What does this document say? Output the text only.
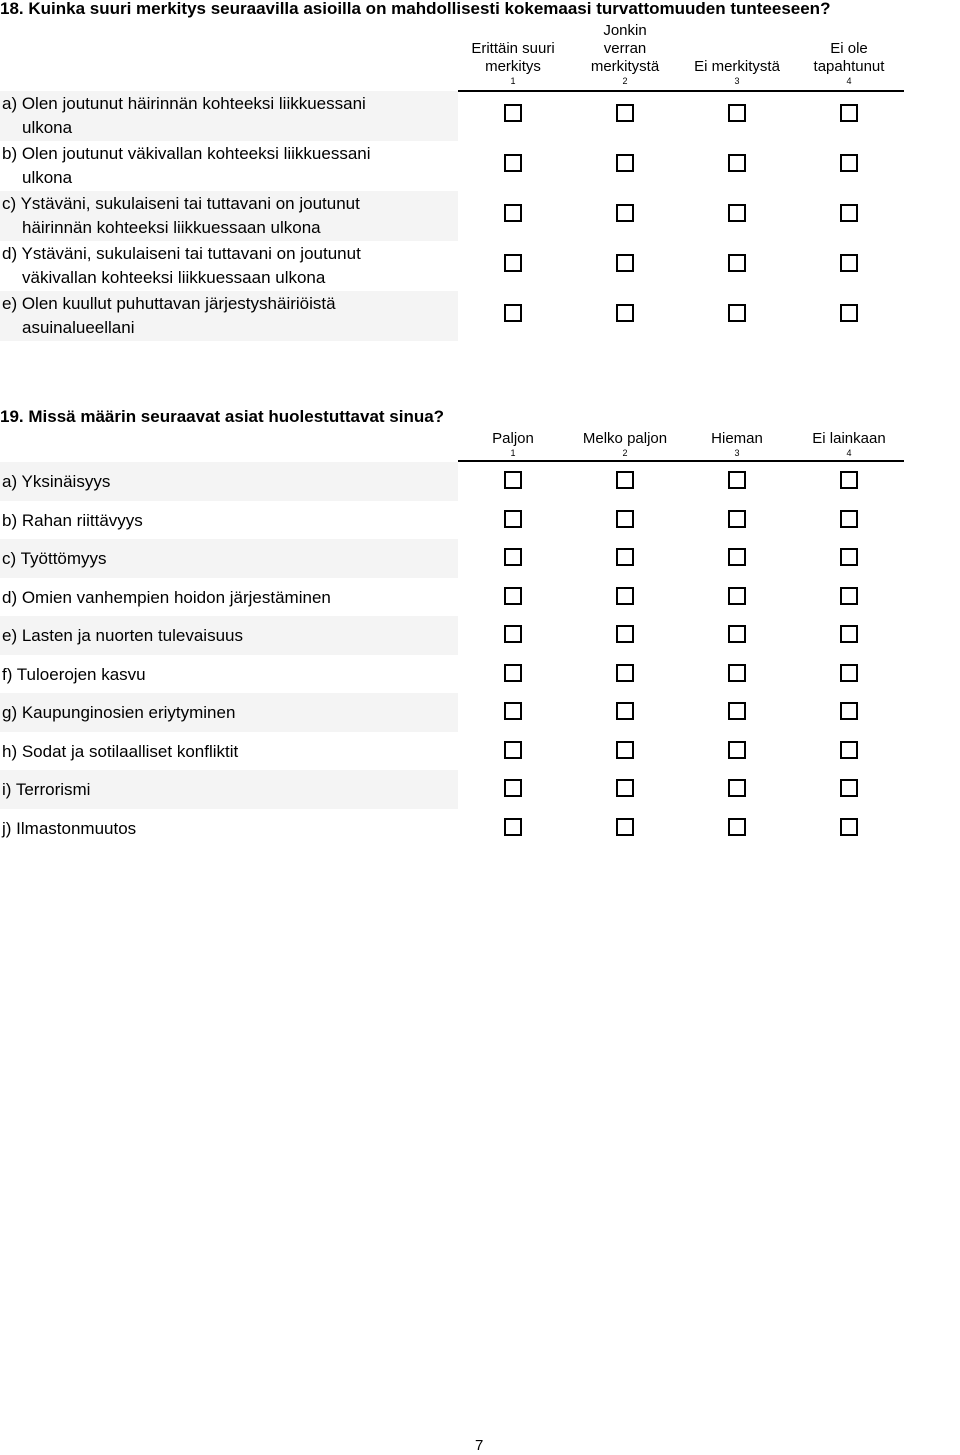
18. Kuinka suuri merkitys seuraavilla asioilla on mahdollisesti kokemaasi turvattomuuden tunteeseen?
Erittäin suuri
merkitys
1
Jonkin
verran
merkitystä
2
Ei merkitystä
3
Ei ole
tapahtunut
4
a) Olen joutunut häirinnän kohteeksi liikkuessani
ulkona
b) Olen joutunut väkivallan kohteeksi liikkuessani
ulkona
c) Ystäväni, sukulaiseni tai tuttavani on joutunut
häirinnän kohteeksi liikkuessaan ulkona
d) Ystäväni, sukulaiseni tai tuttavani on joutunut
väkivallan kohteeksi liikkuessaan ulkona
e) Olen kuullut puhuttavan järjestyshäiriöistä
asuinalueellani
19. Missä määrin seuraavat asiat huolestuttavat sinua?
Paljon
1
Melko paljon
2
Hieman
3
Ei lainkaan
4
a) Yksinäisyys
b) Rahan riittävyys
c) Työttömyys
d) Omien vanhempien hoidon järjestäminen
e) Lasten ja nuorten tulevaisuus
f) Tuloerojen kasvu
g) Kaupunginosien eriytyminen
h) Sodat ja sotilaalliset konfliktit
i) Terrorismi
j) Ilmastonmuutos
7
